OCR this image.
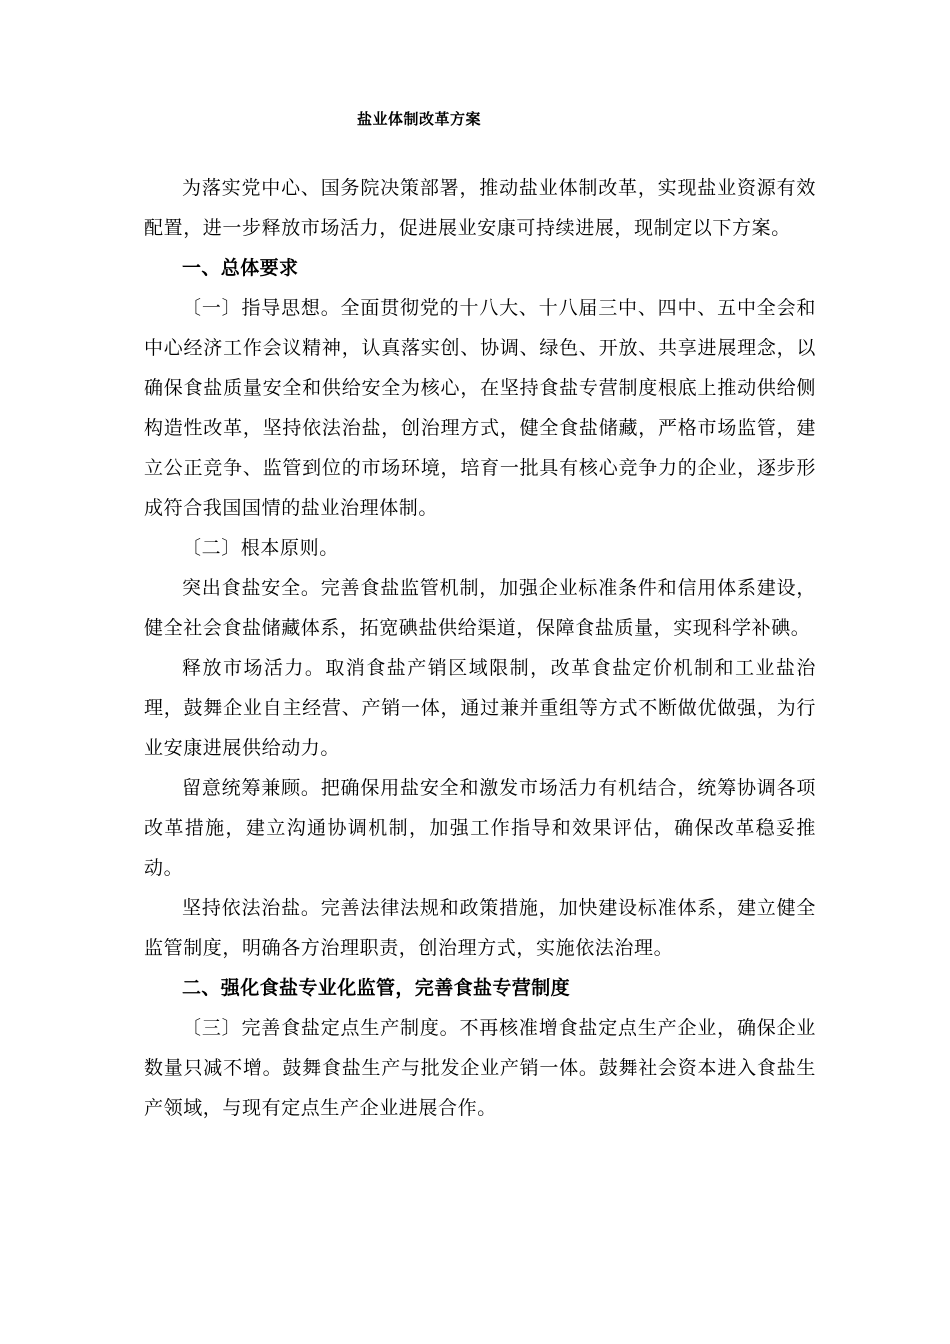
盐业体制改革方案

为落实党中心、国务院决策部署，推动盐业体制改革，实现盐业资源有效配置，进一步释放市场活力，促进展业安康可持续进展，现制定以下方案。

一、总体要求

〔一〕指导思想。全面贯彻党的十八大、十八届三中、四中、五中全会和中心经济工作会议精神，认真落实创、协调、绿色、开放、共享进展理念，以确保食盐质量安全和供给安全为核心，在坚持食盐专营制度根底上推动供给侧构造性改革，坚持依法治盐，创治理方式，健全食盐储藏，严格市场监管，建立公正竞争、监管到位的市场环境，培育一批具有核心竞争力的企业，逐步形成符合我国国情的盐业治理体制。

〔二〕根本原则。

突出食盐安全。完善食盐监管机制，加强企业标准条件和信用体系建设，健全社会食盐储藏体系，拓宽碘盐供给渠道，保障食盐质量，实现科学补碘。

释放市场活力。取消食盐产销区域限制，改革食盐定价机制和工业盐治理，鼓舞企业自主经营、产销一体，通过兼并重组等方式不断做优做强，为行业安康进展供给动力。

留意统筹兼顾。把确保用盐安全和激发市场活力有机结合，统筹协调各项改革措施，建立沟通协调机制，加强工作指导和效果评估，确保改革稳妥推动。

坚持依法治盐。完善法律法规和政策措施，加快建设标准体系，建立健全监管制度，明确各方治理职责，创治理方式，实施依法治理。

二、强化食盐专业化监管，完善食盐专营制度

〔三〕完善食盐定点生产制度。不再核准增食盐定点生产企业，确保企业数量只减不增。鼓舞食盐生产与批发企业产销一体。鼓舞社会资本进入食盐生产领域，与现有定点生产企业进展合作。
